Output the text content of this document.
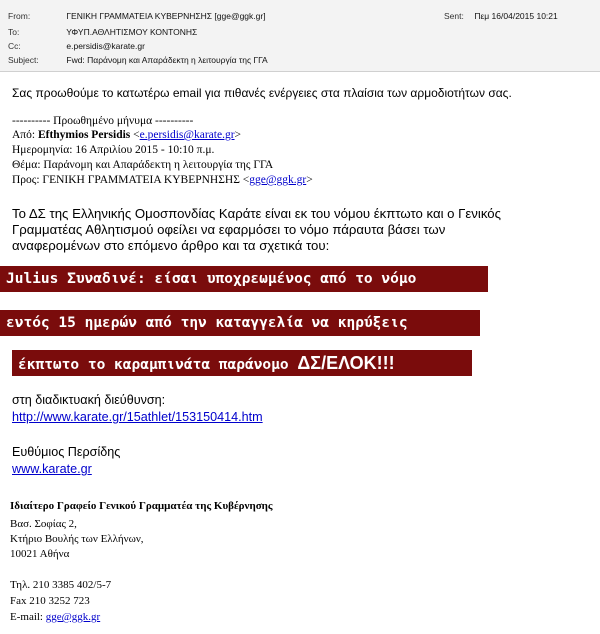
From:	ΓΕΝΙΚΗ ΓΡΑΜΜΑΤΕΙΑ ΚΥΒΕΡΝΗΣΗΣ [gge@ggk.gr]	Sent: Πεμ 16/04/2015 10:21
To:	ΥΦΥΠ.ΑΘΛΗΤΙΣΜΟΥ ΚΟΝΤΟΝΗΣ
Cc:	e.persidis@karate.gr
Subject:	Fwd: Παράνομη και Απαράδεκτη η λειτουργία της ΓΓΑ
Σας προωθούμε το κατωτέρω email για πιθανές ενέργειες στα πλαίσια των αρμοδιοτήτων σας.
---------- Προωθημένο μήνυμα ----------
Από: Efthymios Persidis <e.persidis@karate.gr>
Ημερομηνία: 16 Απριλίου 2015 - 10:10 π.μ.
Θέμα: Παράνομη και Απαράδεκτη η λειτουργία της ΓΓΑ
Προς: ΓΕΝΙΚΗ ΓΡΑΜΜΑΤΕΙΑ ΚΥΒΕΡΝΗΣΗΣ <gge@ggk.gr>
Το ΔΣ της Ελληνικής Ομοσπονδίας Καράτε είναι εκ του νόμου έκπτωτο και ο Γενικός
Γραμματέας Αθλητισμού οφείλει να εφαρμόσει το νόμο πάραυτα βάσει των
αναφερομένων στο επόμενο άρθρο και τα σχετικά του:
Julius Συναδινέ: είσαι υποχρεωμένος από το νόμο
εντός 15 ημερών από την καταγγελία να κηρύξεις
έκπτωτο το καραμπινάτα παράνομο ΔΣ/ΕΛΟΚ!!!
στη διαδικτυακή διεύθυνση:
http://www.karate.gr/15athlet/153150414.htm
Ευθύμιος Περσίδης
www.karate.gr
Ιδιαίτερο Γραφείο Γενικού Γραμματέα της Κυβέρνησης
Βασ. Σοφίας 2,
Κτήριο Βουλής των Ελλήνων,
10021 Αθήνα
Τηλ. 210 3385 402/5-7
Fax 210 3252 723
E-mail: gge@ggk.gr
